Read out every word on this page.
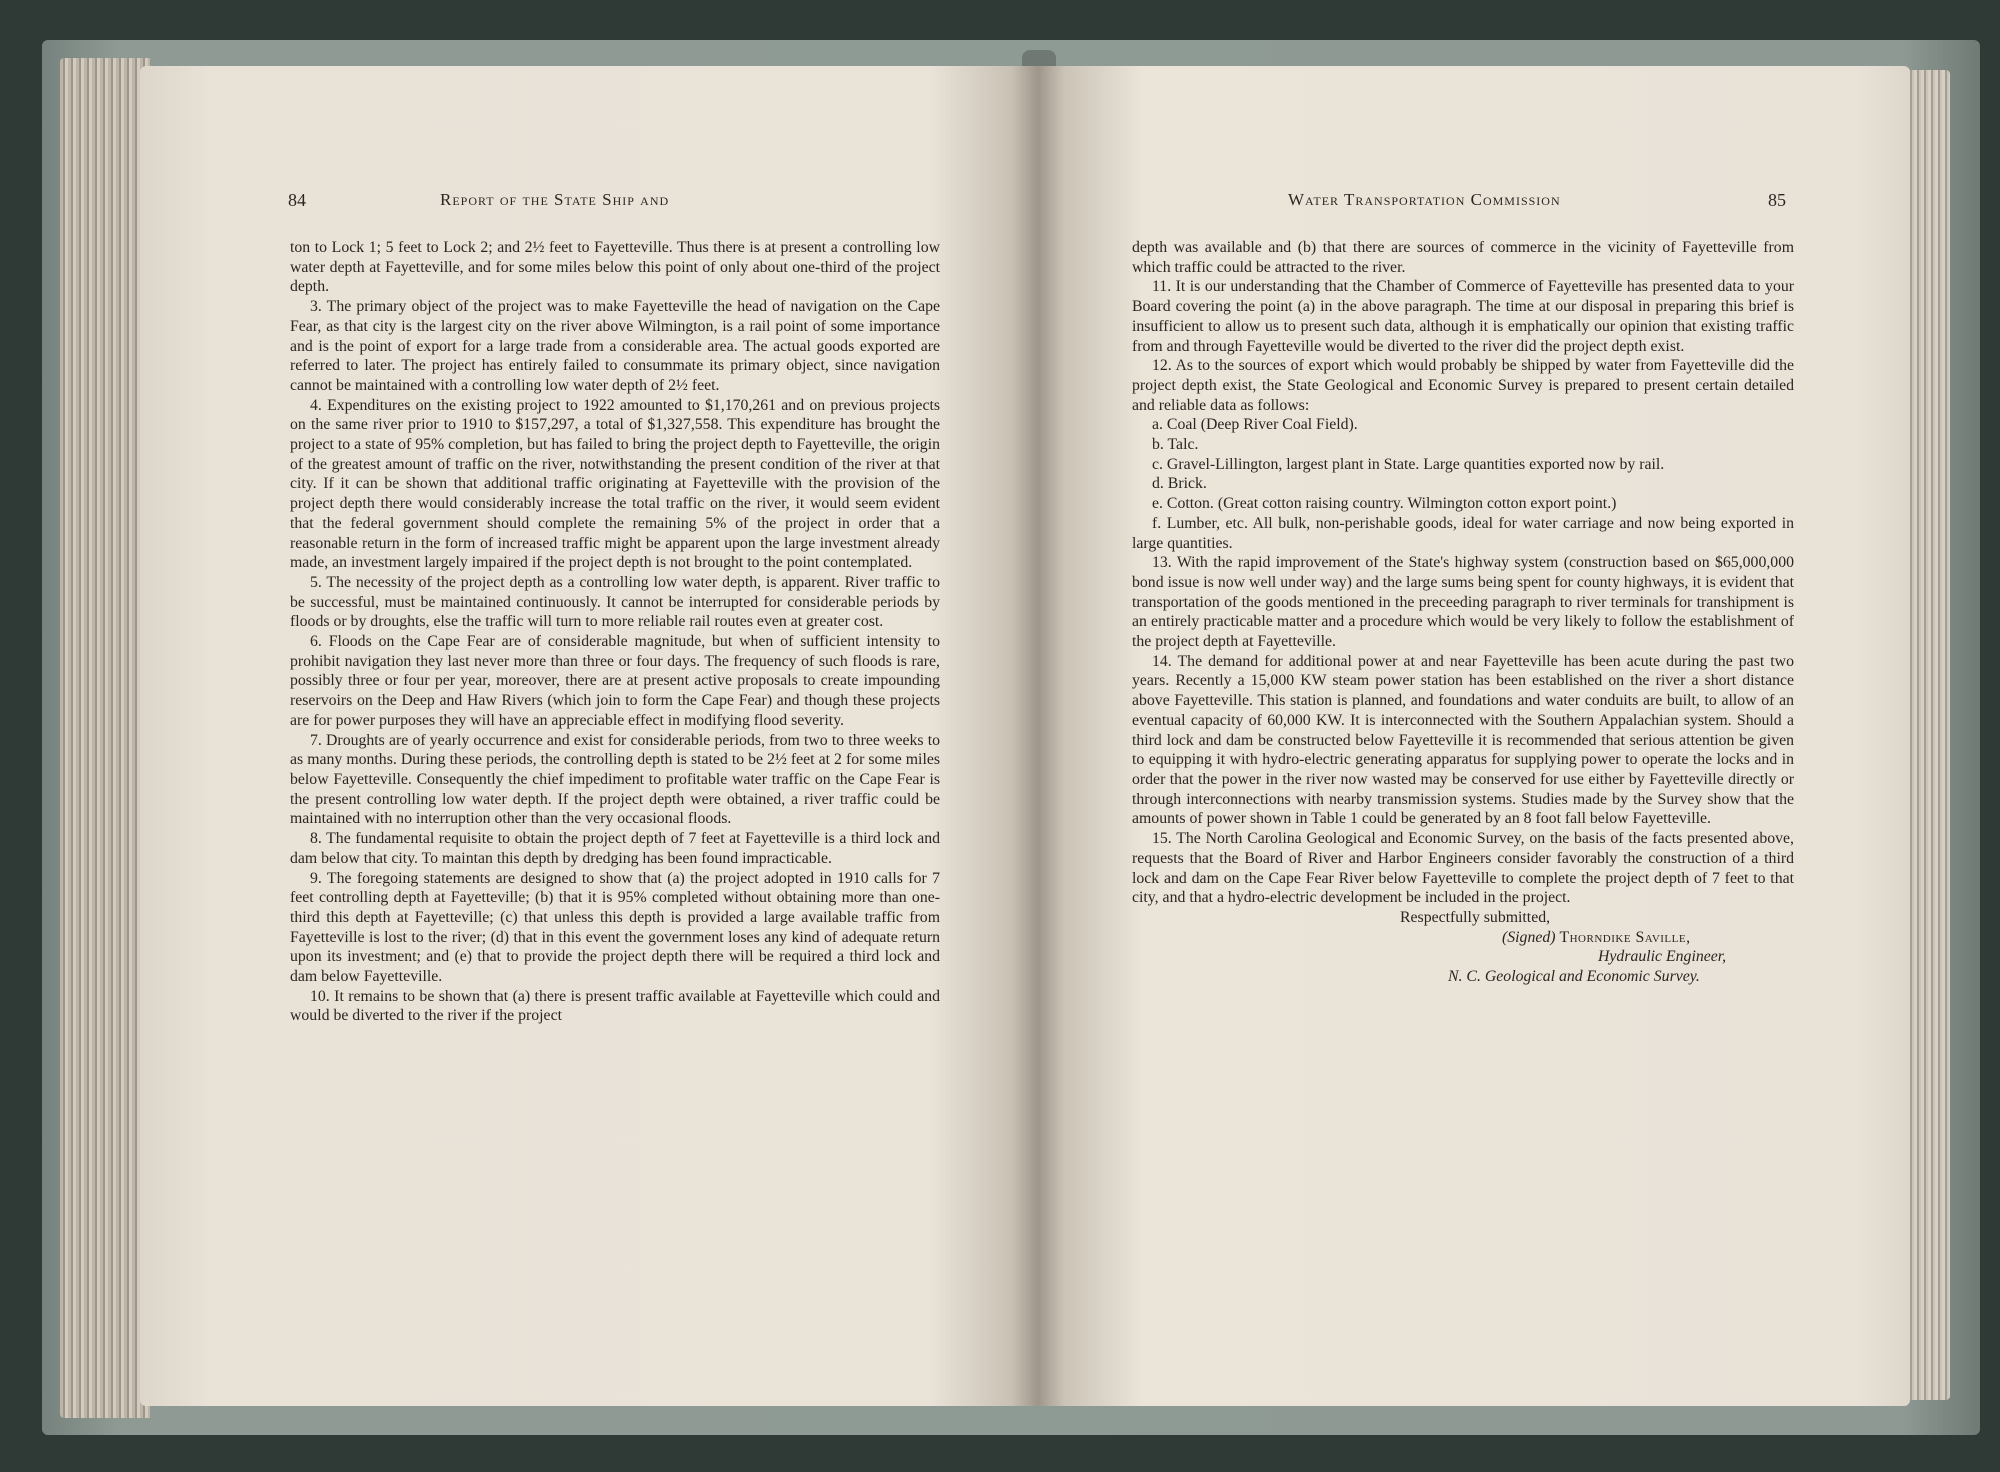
84	Report of the State Ship and

ton to Lock 1; 5 feet to Lock 2; and 2½ feet to Fayetteville. Thus there is at present a controlling low water depth at Fayetteville, and for some miles below this point of only about one-third of the project depth.

3. The primary object of the project was to make Fayetteville the head of navigation on the Cape Fear, as that city is the largest city on the river above Wilmington, is a rail point of some importance and is the point of export for a large trade from a considerable area. The actual goods exported are referred to later. The project has entirely failed to consummate its primary object, since navigation cannot be maintained with a controlling low water depth of 2½ feet.

4. Expenditures on the existing project to 1922 amounted to $1,170,261 and on previous projects on the same river prior to 1910 to $157,297, a total of $1,327,558. This expenditure has brought the project to a state of 95% completion, but has failed to bring the project depth to Fayetteville, the origin of the greatest amount of traffic on the river, notwithstanding the present condition of the river at that city. If it can be shown that additional traffic originating at Fayetteville with the provision of the project depth there would considerably increase the total traffic on the river, it would seem evident that the federal government should complete the remaining 5% of the project in order that a reasonable return in the form of increased traffic might be apparent upon the large investment already made, an investment largely impaired if the project depth is not brought to the point contemplated.

5. The necessity of the project depth as a controlling low water depth, is apparent. River traffic to be successful, must be maintained continuously. It cannot be interrupted for considerable periods by floods or by droughts, else the traffic will turn to more reliable rail routes even at greater cost.

6. Floods on the Cape Fear are of considerable magnitude, but when of sufficient intensity to prohibit navigation they last never more than three or four days. The frequency of such floods is rare, possibly three or four per year, moreover, there are at present active proposals to create impounding reservoirs on the Deep and Haw Rivers (which join to form the Cape Fear) and though these projects are for power purposes they will have an appreciable effect in modifying flood severity.

7. Droughts are of yearly occurrence and exist for considerable periods, from two to three weeks to as many months. During these periods, the controlling depth is stated to be 2½ feet at 2 for some miles below Fayetteville. Consequently the chief impediment to profitable water traffic on the Cape Fear is the present controlling low water depth. If the project depth were obtained, a river traffic could be maintained with no interruption other than the very occasional floods.

8. The fundamental requisite to obtain the project depth of 7 feet at Fayetteville is a third lock and dam below that city. To maintan this depth by dredging has been found impracticable.

9. The foregoing statements are designed to show that (a) the project adopted in 1910 calls for 7 feet controlling depth at Fayetteville; (b) that it is 95% completed without obtaining more than one-third this depth at Fayetteville; (c) that unless this depth is provided a large available traffic from Fayetteville is lost to the river; (d) that in this event the government loses any kind of adequate return upon its investment; and (e) that to provide the project depth there will be required a third lock and dam below Fayetteville.

10. It remains to be shown that (a) there is present traffic available at Fayetteville which could and would be diverted to the river if the project

Water Transportation Commission	85

depth was available and (b) that there are sources of commerce in the vicinity of Fayetteville from which traffic could be attracted to the river.

11. It is our understanding that the Chamber of Commerce of Fayetteville has presented data to your Board covering the point (a) in the above paragraph. The time at our disposal in preparing this brief is insufficient to allow us to present such data, although it is emphatically our opinion that existing traffic from and through Fayetteville would be diverted to the river did the project depth exist.

12. As to the sources of export which would probably be shipped by water from Fayetteville did the project depth exist, the State Geological and Economic Survey is prepared to present certain detailed and reliable data as follows:

a. Coal (Deep River Coal Field).

b. Talc.

c. Gravel-Lillington, largest plant in State. Large quantities exported now by rail.

d. Brick.

e. Cotton. (Great cotton raising country. Wilmington cotton export point.)

f. Lumber, etc. All bulk, non-perishable goods, ideal for water carriage and now being exported in large quantities.

13. With the rapid improvement of the State's highway system (construction based on $65,000,000 bond issue is now well under way) and the large sums being spent for county highways, it is evident that transportation of the goods mentioned in the preceeding paragraph to river terminals for transhipment is an entirely practicable matter and a procedure which would be very likely to follow the establishment of the project depth at Fayetteville.

14. The demand for additional power at and near Fayetteville has been acute during the past two years. Recently a 15,000 KW steam power station has been established on the river a short distance above Fayetteville. This station is planned, and foundations and water conduits are built, to allow of an eventual capacity of 60,000 KW. It is interconnected with the Southern Appalachian system. Should a third lock and dam be constructed below Fayetteville it is recommended that serious attention be given to equipping it with hydro-electric generating apparatus for supplying power to operate the locks and in order that the power in the river now wasted may be conserved for use either by Fayetteville directly or through interconnections with nearby transmission systems. Studies made by the Survey show that the amounts of power shown in Table 1 could be generated by an 8 foot fall below Fayetteville.

15. The North Carolina Geological and Economic Survey, on the basis of the facts presented above, requests that the Board of River and Harbor Engineers consider favorably the construction of a third lock and dam on the Cape Fear River below Fayetteville to complete the project depth of 7 feet to that city, and that a hydro-electric development be included in the project.

Respectfully submitted,

(Signed) Thorndike Saville,

Hydraulic Engineer,

N. C. Geological and Economic Survey.
